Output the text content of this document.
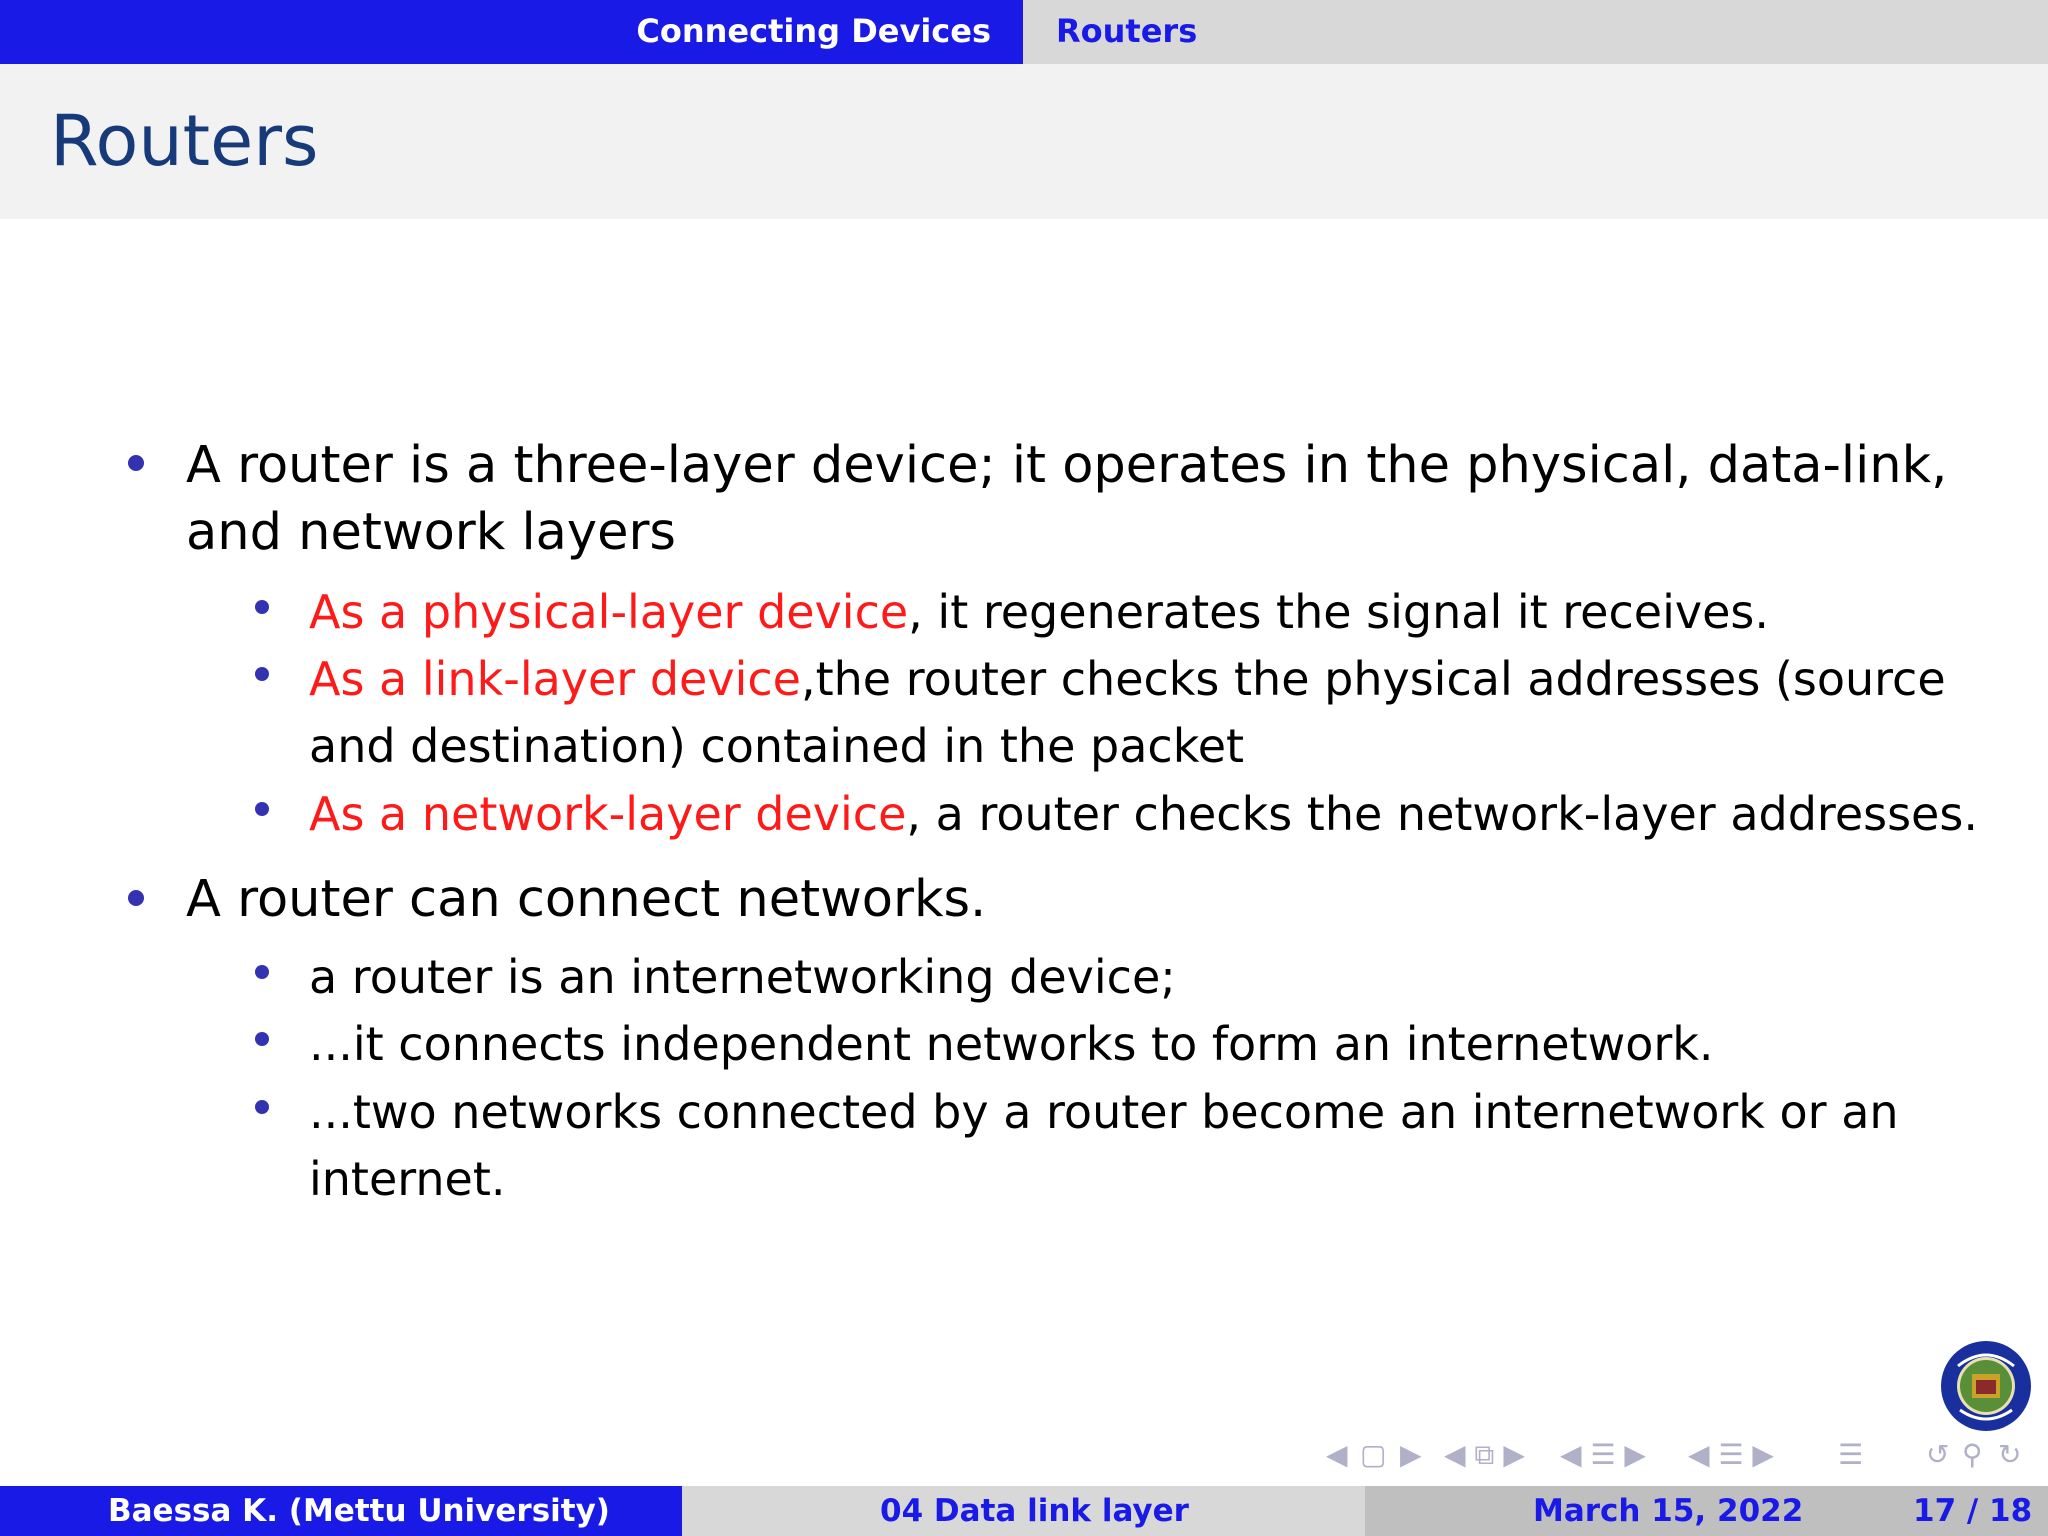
Connecting Devices Routers
Routers
A router is a three-layer device; it operates in the physical, data-link,
and network layers
As a physical-layer device, it regenerates the signal it receives.
As a link-layer device,the router checks the physical addresses (source
and destination) contained in the packet
As a network-layer device, a router checks the network-layer addresses.
A router can connect networks.
a router is an internetworking device;
...it connects independent networks to form an internetwork.
...two networks connected by a router become an internetwork or an
internet.
◀ ▢ ▶ ◀ ⧉ ▶ ◀ ☰ ▶ ◀ ☰ ▶ ☰ ↺ ⚲ ↻
Baessa K. (Mettu University)	04 Data link layer	March 15, 2022	17 / 18
